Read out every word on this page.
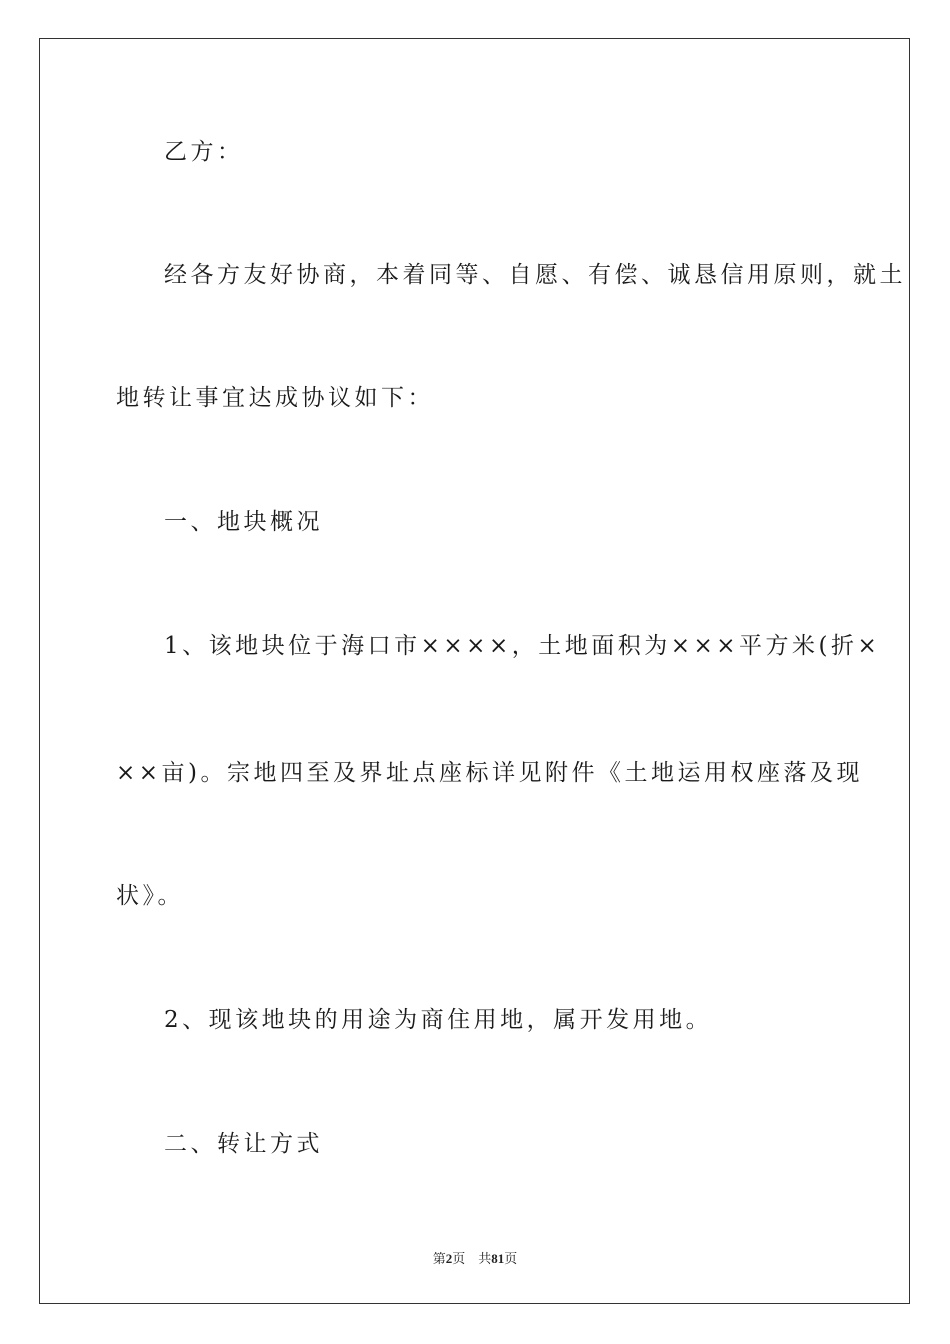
乙方：
经各方友好协商，本着同等、自愿、有偿、诚恳信用原则，就土
地转让事宜达成协议如下：
一、地块概况
1、该地块位于海口市××××，土地面积为×××平方米(折×
××亩)。宗地四至及界址点座标详见附件《土地运用权座落及现
状》。
2、现该地块的用途为商住用地，属开发用地。
二、转让方式
第2页 共81页
